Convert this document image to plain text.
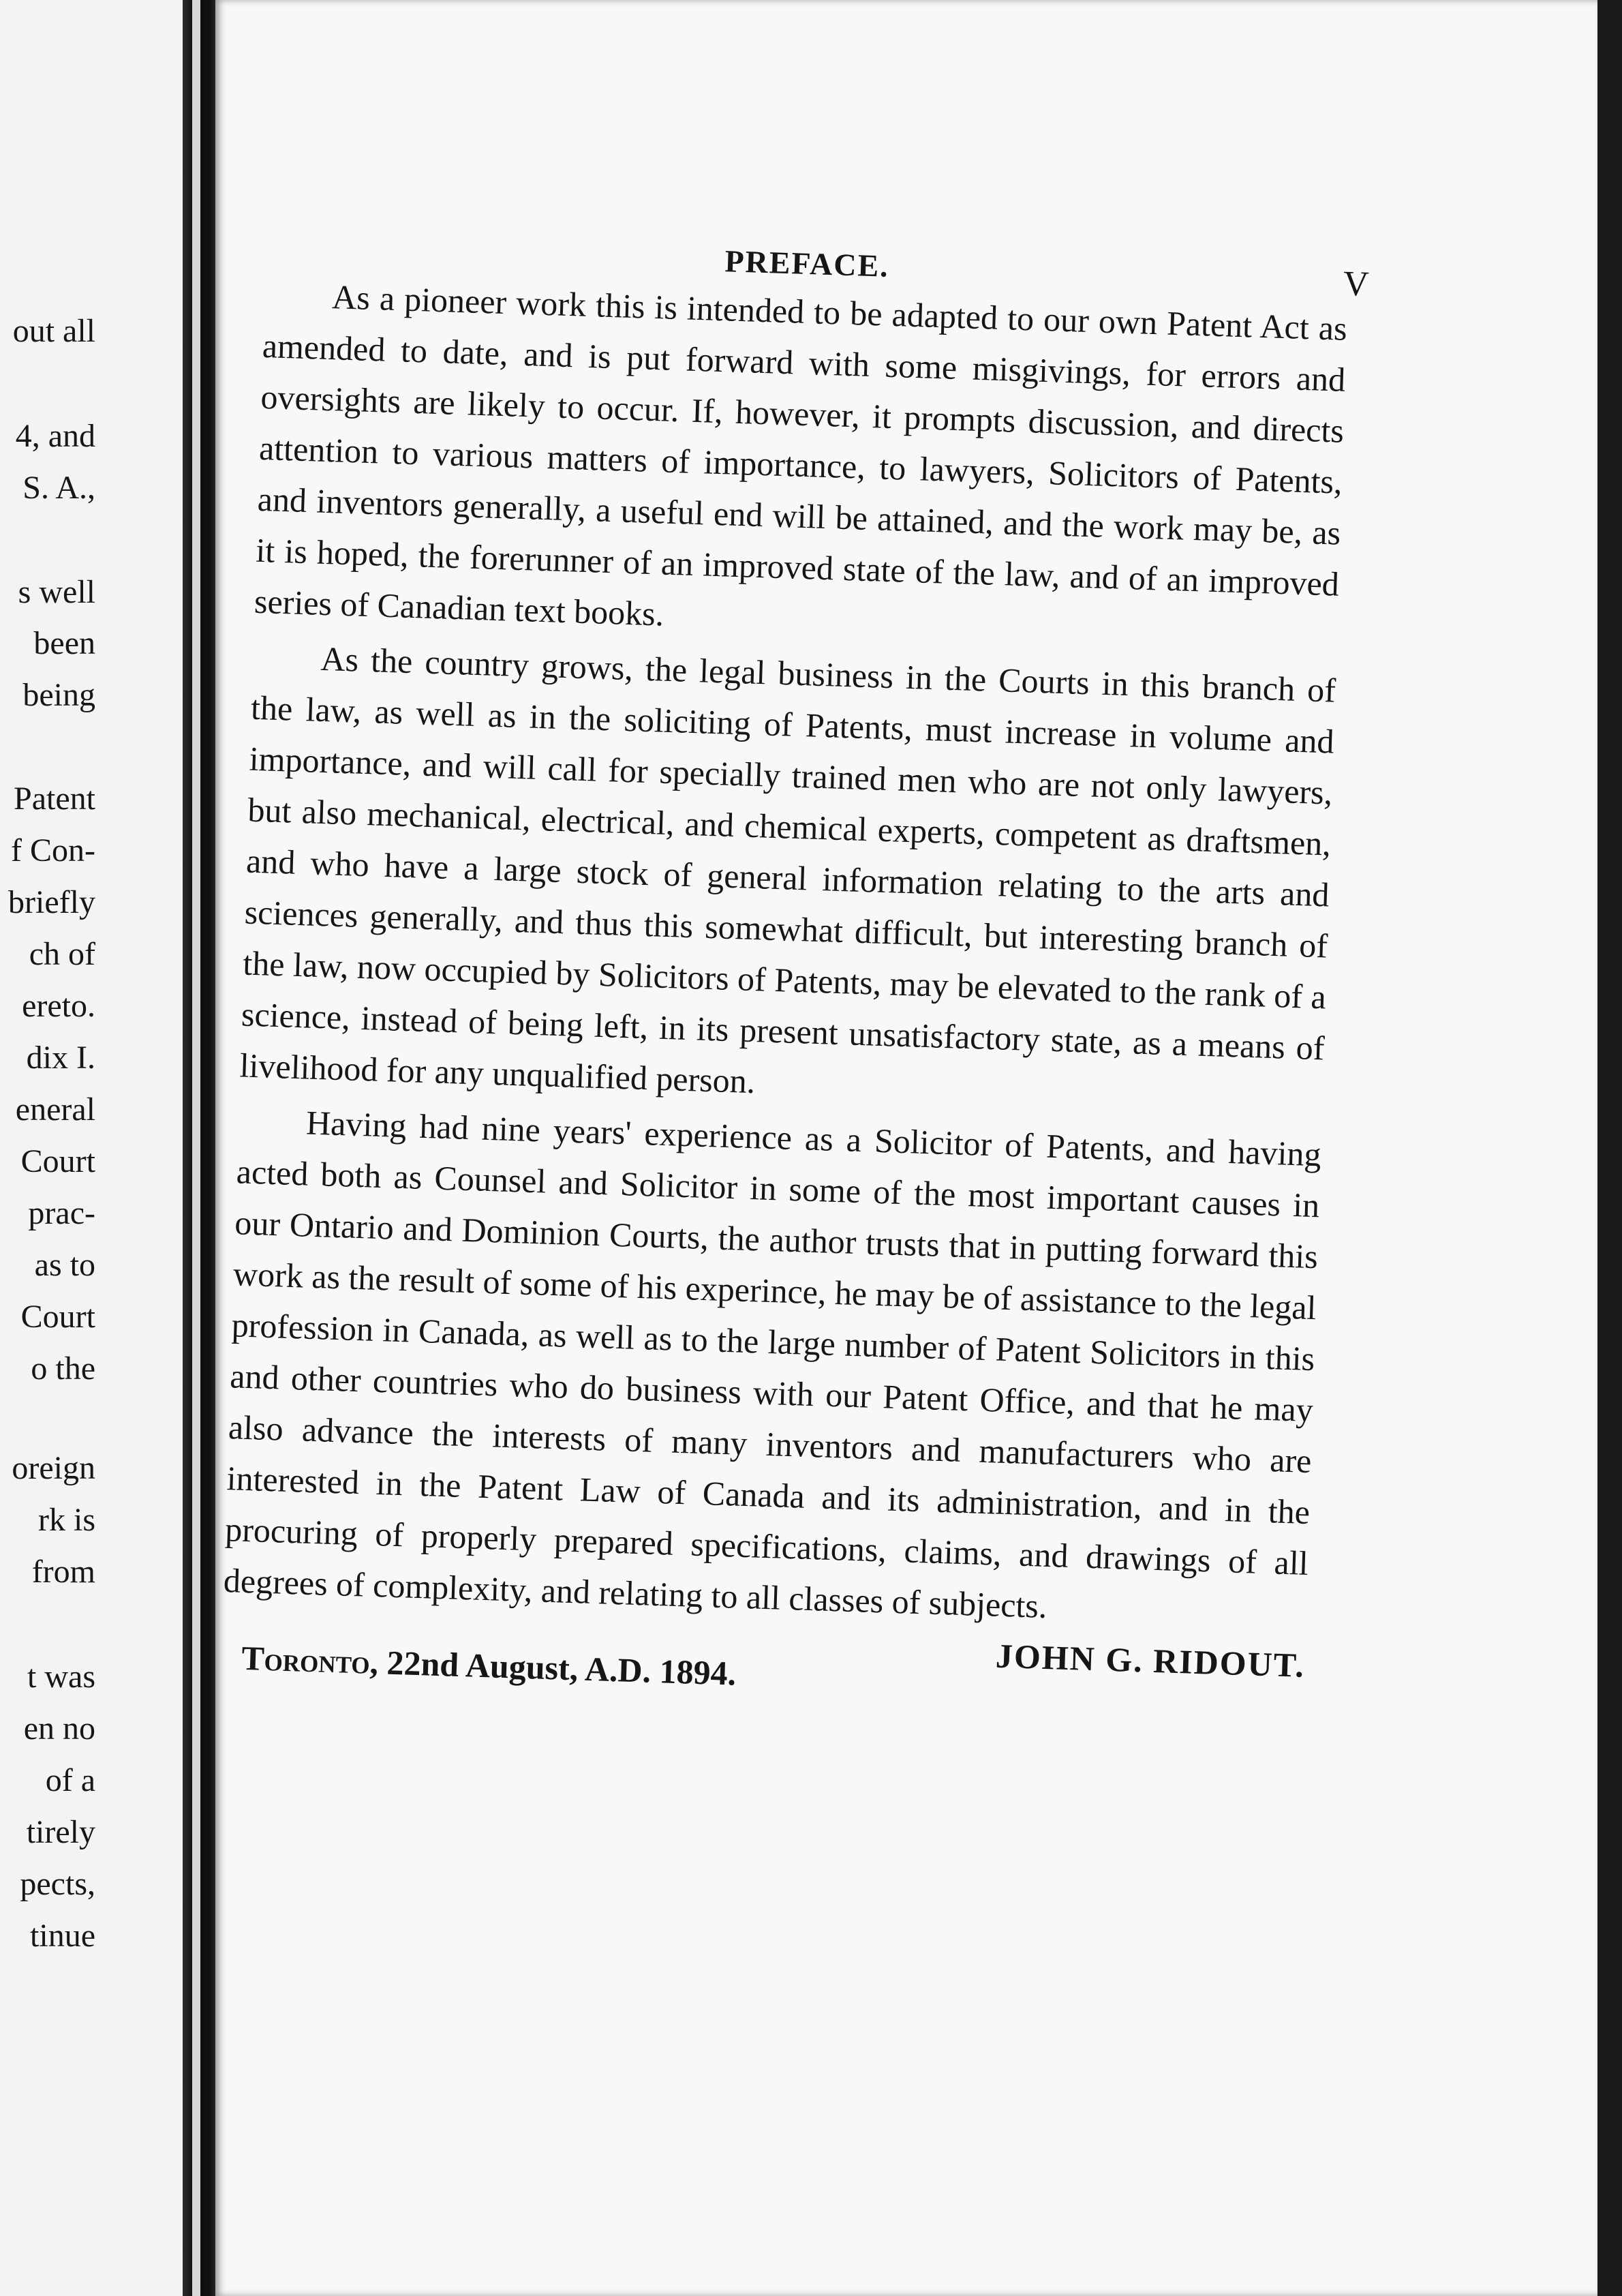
out all
4, and
S. A.,
s well
been
being
Patent
f Con-
briefly
ch of
ereto.
dix I.
eneral
Court
prac-
as to
Court
o the
oreign
rk is
from
t was
en no
of a
tirely
pects,
tinue
PREFACE.
V

As a pioneer work this is intended to be adapted to our own Patent Act as amended to date, and is put forward with some misgivings, for errors and oversights are likely to occur. If, however, it prompts discussion, and directs attention to various matters of importance, to lawyers, Solicitors of Patents, and inventors generally, a useful end will be attained, and the work may be, as it is hoped, the forerunner of an improved state of the law, and of an improved series of Canadian text books.

As the country grows, the legal business in the Courts in this branch of the law, as well as in the soliciting of Patents, must increase in volume and importance, and will call for specially trained men who are not only lawyers, but also mechanical, electrical, and chemical experts, competent as draftsmen, and who have a large stock of general information relating to the arts and sciences generally, and thus this somewhat difficult, but interesting branch of the law, now occupied by Solicitors of Patents, may be elevated to the rank of a science, instead of being left, in its present unsatisfactory state, as a means of livelihood for any unqualified person.

Having had nine years' experience as a Solicitor of Patents, and having acted both as Counsel and Solicitor in some of the most important causes in our Ontario and Dominion Courts, the author trusts that in putting forward this work as the result of some of his experince, he may be of assistance to the legal profession in Canada, as well as to the large number of Patent Solicitors in this and other countries who do business with our Patent Office, and that he may also advance the interests of many inventors and manufacturers who are interested in the Patent Law of Canada and its administration, and in the procuring of properly prepared specifications, claims, and drawings of all degrees of complexity, and relating to all classes of subjects.

JOHN G. RIDOUT.
Toronto, 22nd August, A.D. 1894.
